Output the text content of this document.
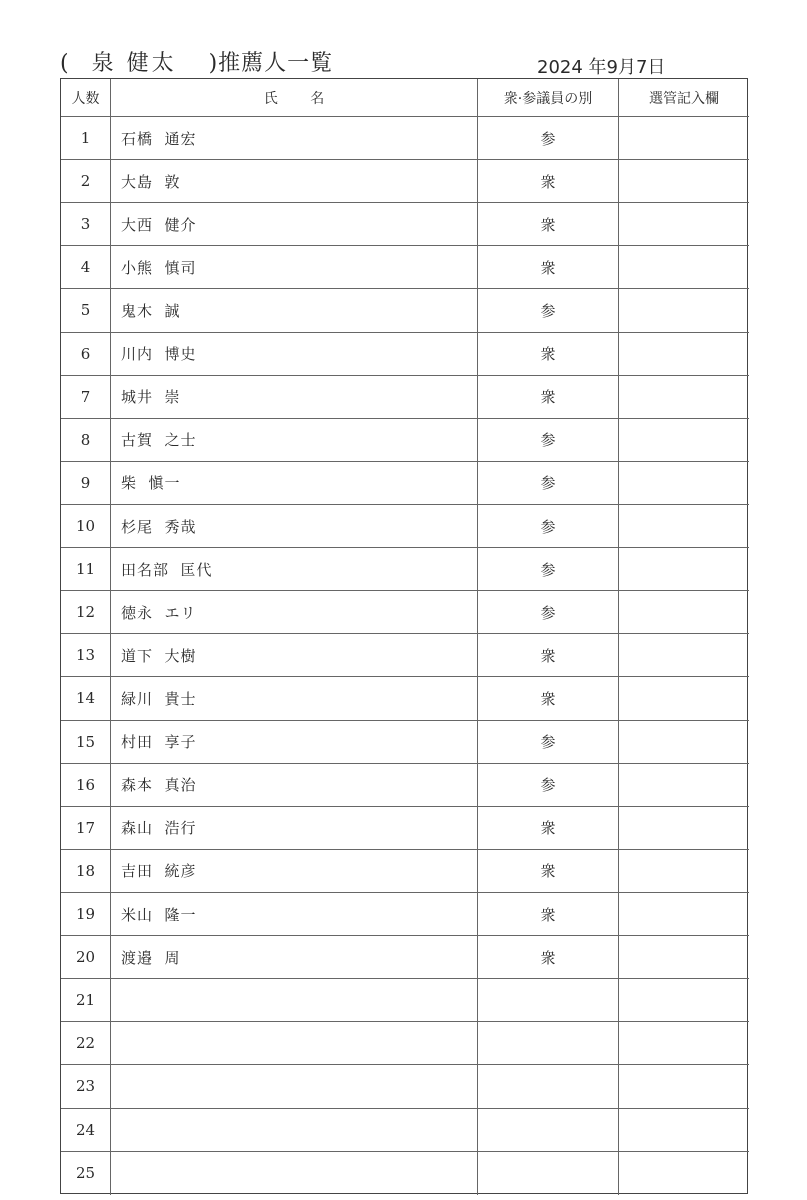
( 泉 健太 )推薦人一覧	2024 年9月7日
人数	氏 名	衆·参議員の別	選管記入欄
1	石橋  通宏	参
2	大島  敦	衆
3	大西  健介	衆
4	小熊  慎司	衆
5	鬼木  誠	参
6	川内  博史	衆
7	城井  崇	衆
8	古賀  之士	参
9	柴  愼一	参
10	杉尾  秀哉	参
11	田名部  匡代	参
12	徳永  エリ	参
13	道下  大樹	衆
14	緑川  貴士	衆
15	村田  享子	参
16	森本  真治	参
17	森山  浩行	衆
18	吉田  統彦	衆
19	米山  隆一	衆
20	渡邉  周	衆
21
22
23
24
25
